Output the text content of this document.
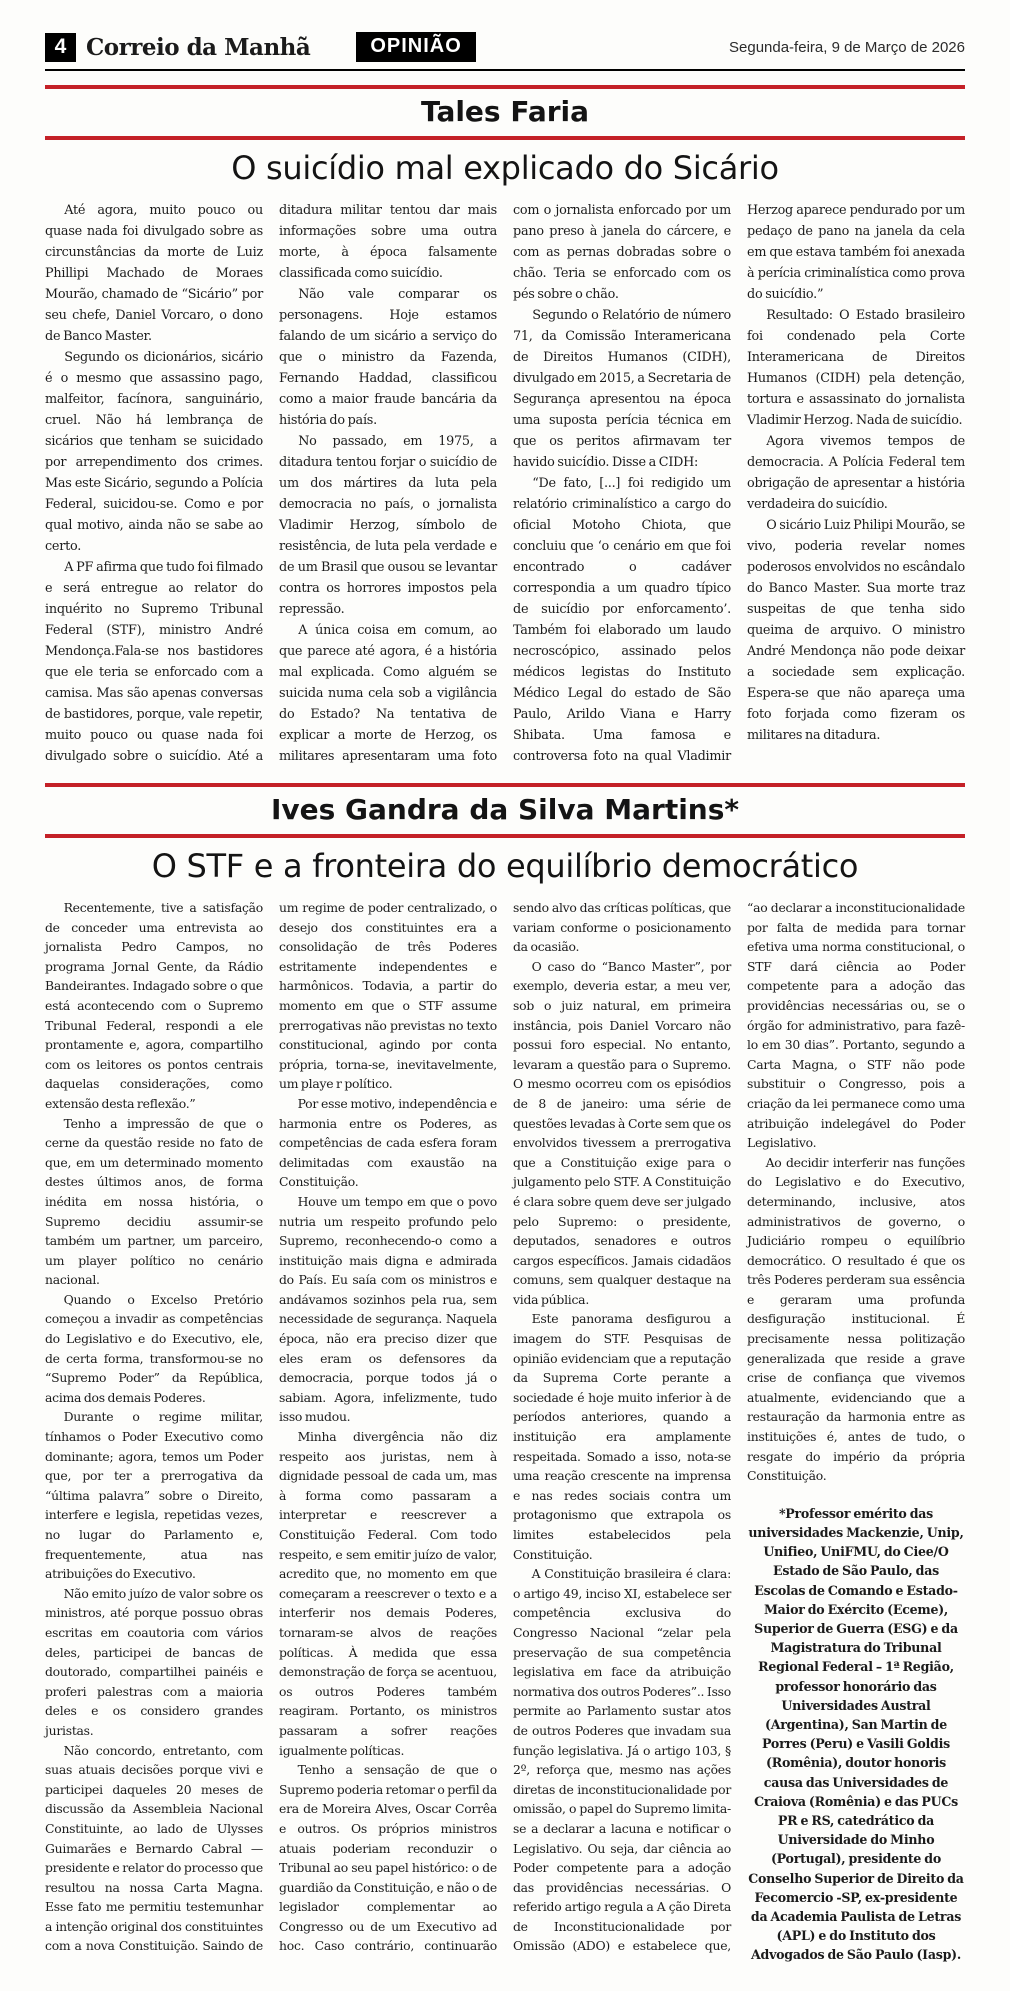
4 Correio da Manhã	OPINIÃO	Segunda-feira, 9 de Março de 2026
Tales Faria
O suicídio mal explicado do Sicário

Até agora, muito pouco ou quase nada foi divulgado sobre as circunstâncias da morte de Luiz Phillipi Machado de Moraes Mourão, chamado de “Sicário” por seu chefe, Daniel Vorcaro, o dono de Banco Master.

Segundo os dicionários, sicário é o mesmo que assassino pago, malfeitor, facínora, sanguinário, cruel. Não há lembrança de sicários que tenham se suicidado por arrependimento dos crimes. Mas este Sicário, segundo a Polícia Federal, suicidou-se. Como e por qual motivo, ainda não se sabe ao certo.

A PF afirma que tudo foi filmado e será entregue ao relator do inquérito no Supremo Tribunal Federal (STF), ministro André Mendonça.Fala-se nos bastidores que ele teria se enforcado com a camisa. Mas são apenas conversas de bastidores, porque, vale repetir, muito pouco ou quase nada foi divulgado sobre o suicídio. Até a ditadura militar tentou dar mais informações sobre uma outra morte, à época falsamente classificada como suicídio.

Não vale comparar os personagens. Hoje estamos falando de um sicário a serviço do que o ministro da Fazenda, Fernando Haddad, classificou como a maior fraude bancária da história do país.

No passado, em 1975, a ditadura tentou forjar o suicídio de um dos mártires da luta pela democracia no país, o jornalista Vladimir Herzog, símbolo de resistência, de luta pela verdade e de um Brasil que ousou se levantar contra os horrores impostos pela repressão.

A única coisa em comum, ao que parece até agora, é a história mal explicada. Como alguém se suicida numa cela sob a vigilância do Estado? Na tentativa de explicar a morte de Herzog, os militares apresentaram uma foto com o jornalista enforcado por um pano preso à janela do cárcere, e com as pernas dobradas sobre o chão. Teria se enforcado com os pés sobre o chão.

Segundo o Relatório de número 71, da Comissão Interamericana de Direitos Humanos (CIDH), divulgado em 2015, a Secretaria de Segurança apresentou na época uma suposta perícia técnica em que os peritos afirmavam ter havido suicídio. Disse a CIDH:

“De fato, [...] foi redigido um relatório criminalístico a cargo do oficial Motoho Chiota, que concluiu que ‘o cenário em que foi encontrado o cadáver correspondia a um quadro típico de suicídio por enforcamento’. Também foi elaborado um laudo necroscópico, assinado pelos médicos legistas do Instituto Médico Legal do estado de São Paulo, Arildo Viana e Harry Shibata. Uma famosa e controversa foto na qual Vladimir Herzog aparece pendurado por um pedaço de pano na janela da cela em que estava também foi anexada à perícia criminalística como prova do suicídio.”

Resultado: O Estado brasileiro foi condenado pela Corte Interamericana de Direitos Humanos (CIDH) pela detenção, tortura e assassinato do jornalista Vladimir Herzog. Nada de suicídio.

Agora vivemos tempos de democracia. A Polícia Federal tem obrigação de apresentar a história verdadeira do suicídio.

O sicário Luiz Philipi Mourão, se vivo, poderia revelar nomes poderosos envolvidos no escândalo do Banco Master. Sua morte traz suspeitas de que tenha sido queima de arquivo. O ministro André Mendonça não pode deixar a sociedade sem explicação. Espera-se que não apareça uma foto forjada como fizeram os militares na ditadura.

Ives Gandra da Silva Martins*
O STF e a fronteira do equilíbrio democrático

Recentemente, tive a satisfação de conceder uma entrevista ao jornalista Pedro Campos, no programa Jornal Gente, da Rádio Bandeirantes. Indagado sobre o que está acontecendo com o Supremo Tribunal Federal, respondi a ele prontamente e, agora, compartilho com os leitores os pontos centrais daquelas considerações, como extensão desta reflexão.”

Tenho a impressão de que o cerne da questão reside no fato de que, em um determinado momento destes últimos anos, de forma inédita em nossa história, o Supremo decidiu assumir-se também um partner, um parceiro, um player político no cenário nacional.

Quando o Excelso Pretório começou a invadir as competências do Legislativo e do Executivo, ele, de certa forma, transformou-se no “Supremo Poder” da República, acima dos demais Poderes.

Durante o regime militar, tínhamos o Poder Executivo como dominante; agora, temos um Poder que, por ter a prerrogativa da “última palavra” sobre o Direito, interfere e legisla, repetidas vezes, no lugar do Parlamento e, frequentemente, atua nas atribuições do Executivo.

Não emito juízo de valor sobre os ministros, até porque possuo obras escritas em coautoria com vários deles, participei de bancas de doutorado, compartilhei painéis e proferi palestras com a maioria deles e os considero grandes juristas.

Não concordo, entretanto, com suas atuais decisões porque vivi e participei daqueles 20 meses de discussão da Assembleia Nacional Constituinte, ao lado de Ulysses Guimarães e Bernardo Cabral — presidente e relator do processo que resultou na nossa Carta Magna. Esse fato me permitiu testemunhar a intenção original dos constituintes com a nova Constituição. Saindo de um regime de poder centralizado, o desejo dos constituintes era a consolidação de três Poderes estritamente independentes e harmônicos. Todavia, a partir do momento em que o STF assume prerrogativas não previstas no texto constitucional, agindo por conta própria, torna-se, inevitavelmente, um playe r político.

Por esse motivo, independência e harmonia entre os Poderes, as competências de cada esfera foram delimitadas com exaustão na Constituição.

Houve um tempo em que o povo nutria um respeito profundo pelo Supremo, reconhecendo-o como a instituição mais digna e admirada do País. Eu saía com os ministros e andávamos sozinhos pela rua, sem necessidade de segurança. Naquela época, não era preciso dizer que eles eram os defensores da democracia, porque todos já o sabiam. Agora, infelizmente, tudo isso mudou.

Minha divergência não diz respeito aos juristas, nem à dignidade pessoal de cada um, mas à forma como passaram a interpretar e reescrever a Constituição Federal. Com todo respeito, e sem emitir juízo de valor, acredito que, no momento em que começaram a reescrever o texto e a interferir nos demais Poderes, tornaram-se alvos de reações políticas. À medida que essa demonstração de força se acentuou, os outros Poderes também reagiram. Portanto, os ministros passaram a sofrer reações igualmente políticas.

Tenho a sensação de que o Supremo poderia retomar o perfil da era de Moreira Alves, Oscar Corrêa e outros. Os próprios ministros atuais poderiam reconduzir o Tribunal ao seu papel histórico: o de guardião da Constituição, e não o de legislador complementar ao Congresso ou de um Executivo ad hoc. Caso contrário, continuarão sendo alvo das críticas políticas, que variam conforme o posicionamento da ocasião.

O caso do “Banco Master”, por exemplo, deveria estar, a meu ver, sob o juiz natural, em primeira instância, pois Daniel Vorcaro não possui foro especial. No entanto, levaram a questão para o Supremo. O mesmo ocorreu com os episódios de 8 de janeiro: uma série de questões levadas à Corte sem que os envolvidos tivessem a prerrogativa que a Constituição exige para o julgamento pelo STF. A Constituição é clara sobre quem deve ser julgado pelo Supremo: o presidente, deputados, senadores e outros cargos específicos. Jamais cidadãos comuns, sem qualquer destaque na vida pública.

Este panorama desfigurou a imagem do STF. Pesquisas de opinião evidenciam que a reputação da Suprema Corte perante a sociedade é hoje muito inferior à de períodos anteriores, quando a instituição era amplamente respeitada. Somado a isso, nota-se uma reação crescente na imprensa e nas redes sociais contra um protagonismo que extrapola os limites estabelecidos pela Constituição.

A Constituição brasileira é clara: o artigo 49, inciso XI, estabelece ser competência exclusiva do Congresso Nacional “zelar pela preservação de sua competência legislativa em face da atribuição normativa dos outros Poderes”.. Isso permite ao Parlamento sustar atos de outros Poderes que invadam sua função legislativa. Já o artigo 103, § 2º, reforça que, mesmo nas ações diretas de inconstitucionalidade por omissão, o papel do Supremo limita-se a declarar a lacuna e notificar o Legislativo. Ou seja, dar ciência ao Poder competente para a adoção das providências necessárias. O referido artigo regula a A ção Direta de Inconstitucionalidade por Omissão (ADO) e estabelece que, “ao declarar a inconstitucionalidade por falta de medida para tornar efetiva uma norma constitucional, o STF dará ciência ao Poder competente para a adoção das providências necessárias ou, se o órgão for administrativo, para fazê-lo em 30 dias”. Portanto, segundo a Carta Magna, o STF não pode substituir o Congresso, pois a criação da lei permanece como uma atribuição indelegável do Poder Legislativo.

Ao decidir interferir nas funções do Legislativo e do Executivo, determinando, inclusive, atos administrativos de governo, o Judiciário rompeu o equilíbrio democrático. O resultado é que os três Poderes perderam sua essência e geraram uma profunda desfiguração institucional. É precisamente nessa politização generalizada que reside a grave crise de confiança que vivemos atualmente, evidenciando que a restauração da harmonia entre as instituições é, antes de tudo, o resgate do império da própria Constituição.

*Professor emérito das universidades Mackenzie, Unip, Unifieo, UniFMU, do Ciee/O Estado de São Paulo, das Escolas de Comando e Estado-Maior do Exército (Eceme), Superior de Guerra (ESG) e da Magistratura do Tribunal Regional Federal – 1ª Região, professor honorário das Universidades Austral (Argentina), San Martin de Porres (Peru) e Vasili Goldis (Romênia), doutor honoris causa das Universidades de Craiova (Romênia) e das PUCs PR e RS, catedrático da Universidade do Minho (Portugal), presidente do Conselho Superior de Direito da Fecomercio -SP, ex-presidente da Academia Paulista de Letras (APL) e do Instituto dos Advogados de São Paulo (Iasp).
